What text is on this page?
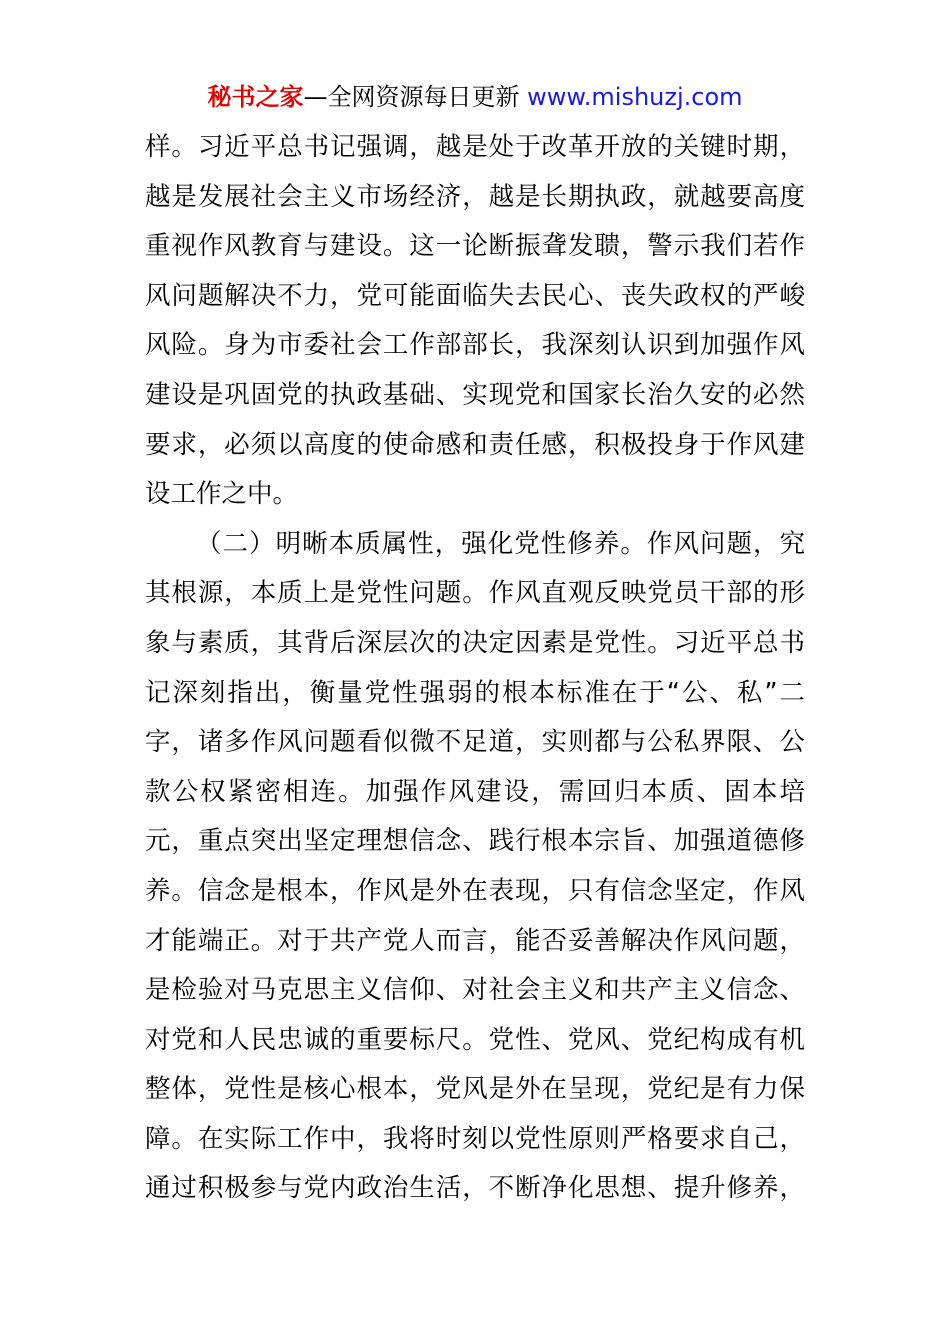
秘书之家—全网资源每日更新 www.mishuzj.com
样。习近平总书记强调，越是处于改革开放的关键时期，
越是发展社会主义市场经济，越是长期执政，就越要高度
重视作风教育与建设。这一论断振聋发聩，警示我们若作
风问题解决不力，党可能面临失去民心、丧失政权的严峻
风险。身为市委社会工作部部长，我深刻认识到加强作风
建设是巩固党的执政基础、实现党和国家长治久安的必然
要求，必须以高度的使命感和责任感，积极投身于作风建
设工作之中。
（二）明晰本质属性，强化党性修养。作风问题，究
其根源，本质上是党性问题。作风直观反映党员干部的形
象与素质，其背后深层次的决定因素是党性。习近平总书
记深刻指出，衡量党性强弱的根本标准在于“公、私”二
字，诸多作风问题看似微不足道，实则都与公私界限、公
款公权紧密相连。加强作风建设，需回归本质、固本培
元，重点突出坚定理想信念、践行根本宗旨、加强道德修
养。信念是根本，作风是外在表现，只有信念坚定，作风
才能端正。对于共产党人而言，能否妥善解决作风问题，
是检验对马克思主义信仰、对社会主义和共产主义信念、
对党和人民忠诚的重要标尺。党性、党风、党纪构成有机
整体，党性是核心根本，党风是外在呈现，党纪是有力保
障。在实际工作中，我将时刻以党性原则严格要求自己，
通过积极参与党内政治生活，不断净化思想、提升修养，
